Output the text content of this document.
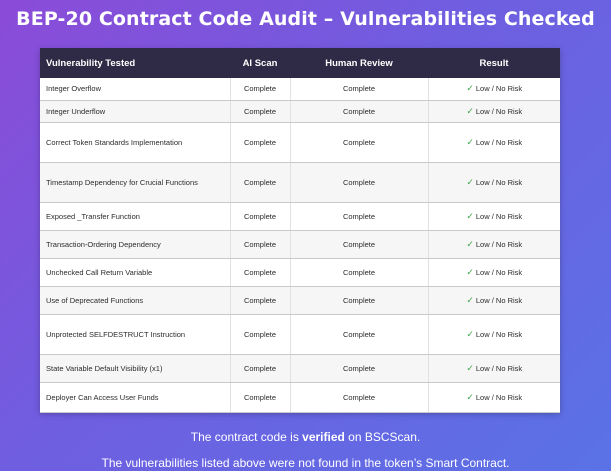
BEP-20 Contract Code Audit – Vulnerabilities Checked
Vulnerability Tested	AI Scan	Human Review	Result
Integer Overflow	Complete	Complete	✓ Low / No Risk
Integer Underflow	Complete	Complete	✓ Low / No Risk
Correct Token Standards Implementation	Complete	Complete	✓ Low / No Risk
Timestamp Dependency for Crucial Functions	Complete	Complete	✓ Low / No Risk
Exposed _Transfer Function	Complete	Complete	✓ Low / No Risk
Transaction-Ordering Dependency	Complete	Complete	✓ Low / No Risk
Unchecked Call Return Variable	Complete	Complete	✓ Low / No Risk
Use of Deprecated Functions	Complete	Complete	✓ Low / No Risk
Unprotected SELFDESTRUCT Instruction	Complete	Complete	✓ Low / No Risk
State Variable Default Visibility (x1)	Complete	Complete	✓ Low / No Risk
Deployer Can Access User Funds	Complete	Complete	✓ Low / No Risk
The contract code is verified on BSCScan.
The vulnerabilities listed above were not found in the token’s Smart Contract.
